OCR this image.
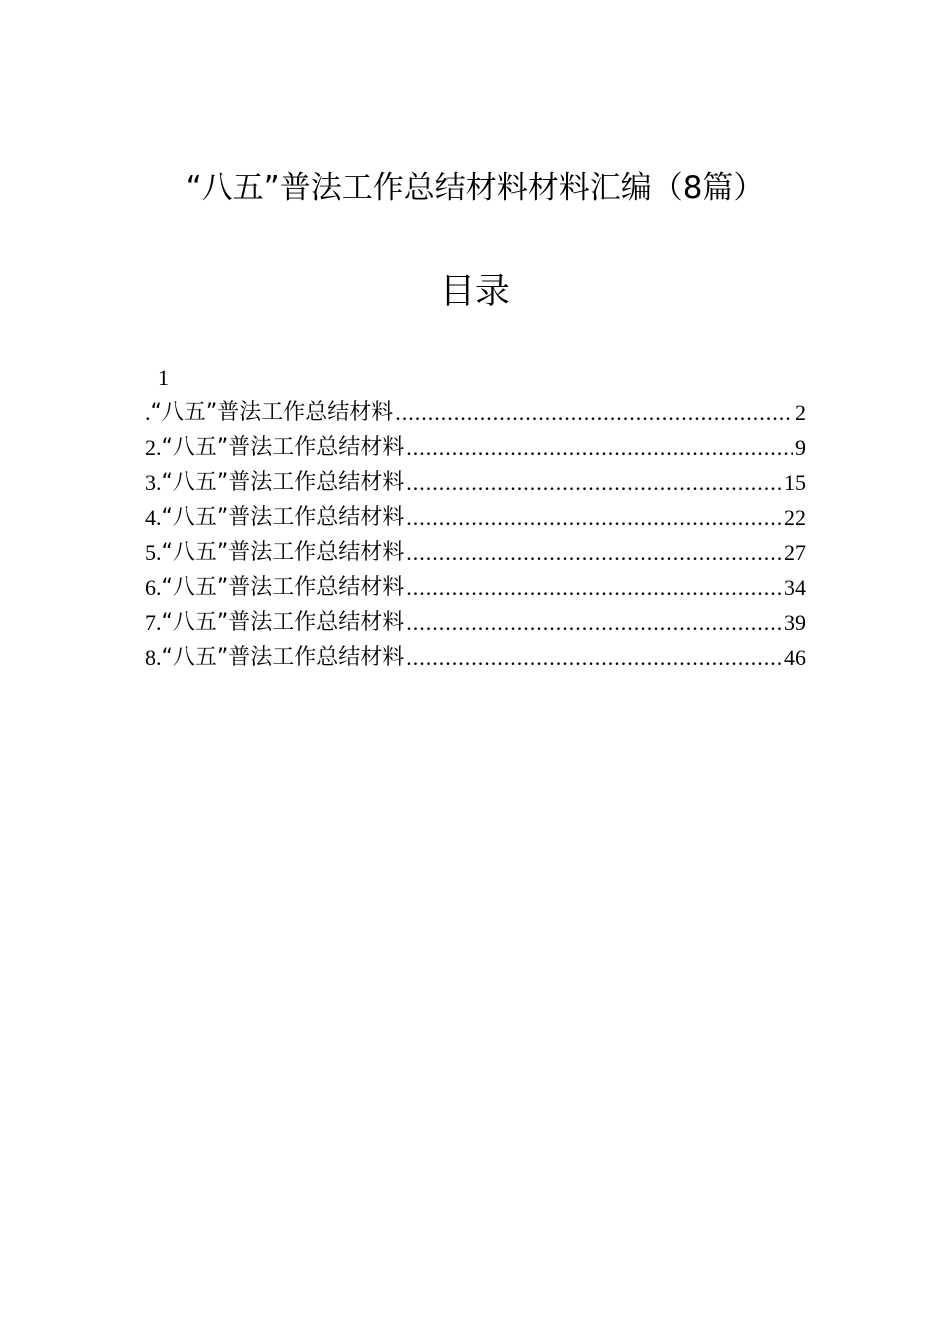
“八五”普法工作总结材料材料汇编（8篇）
目录
1
. “八五”普法工作总结材料 .....	2
2. “八五”普法工作总结材料 .....	9
3. “八五”普法工作总结材料 .....	15
4. “八五”普法工作总结材料 .....	22
5. “八五”普法工作总结材料 .....	27
6. “八五”普法工作总结材料 .....	34
7. “八五”普法工作总结材料 .....	39
8. “八五”普法工作总结材料 .....	46
